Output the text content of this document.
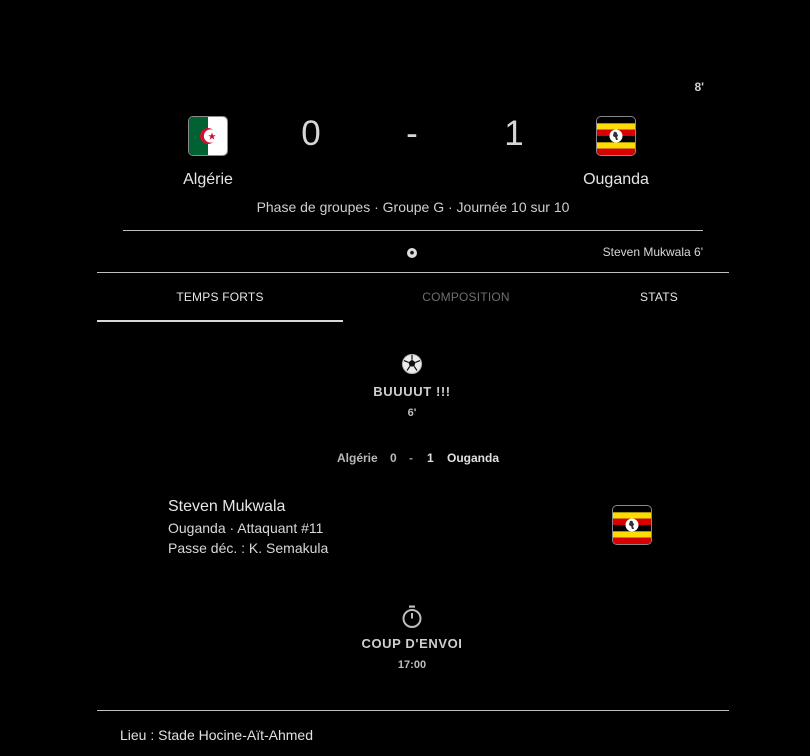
8'
Algérie
0	-	1
Ouganda
Phase de groupes · Groupe G · Journée 10 sur 10
Steven Mukwala 6'
TEMPS FORTS	COMPOSITION	STATS
BUUUUT !!!
6'
Algérie 0 - 1 Ouganda
Steven Mukwala
Ouganda · Attaquant #11
Passe déc. : K. Semakula
COUP D'ENVOI
17:00
Lieu : Stade Hocine-Aït-Ahmed
